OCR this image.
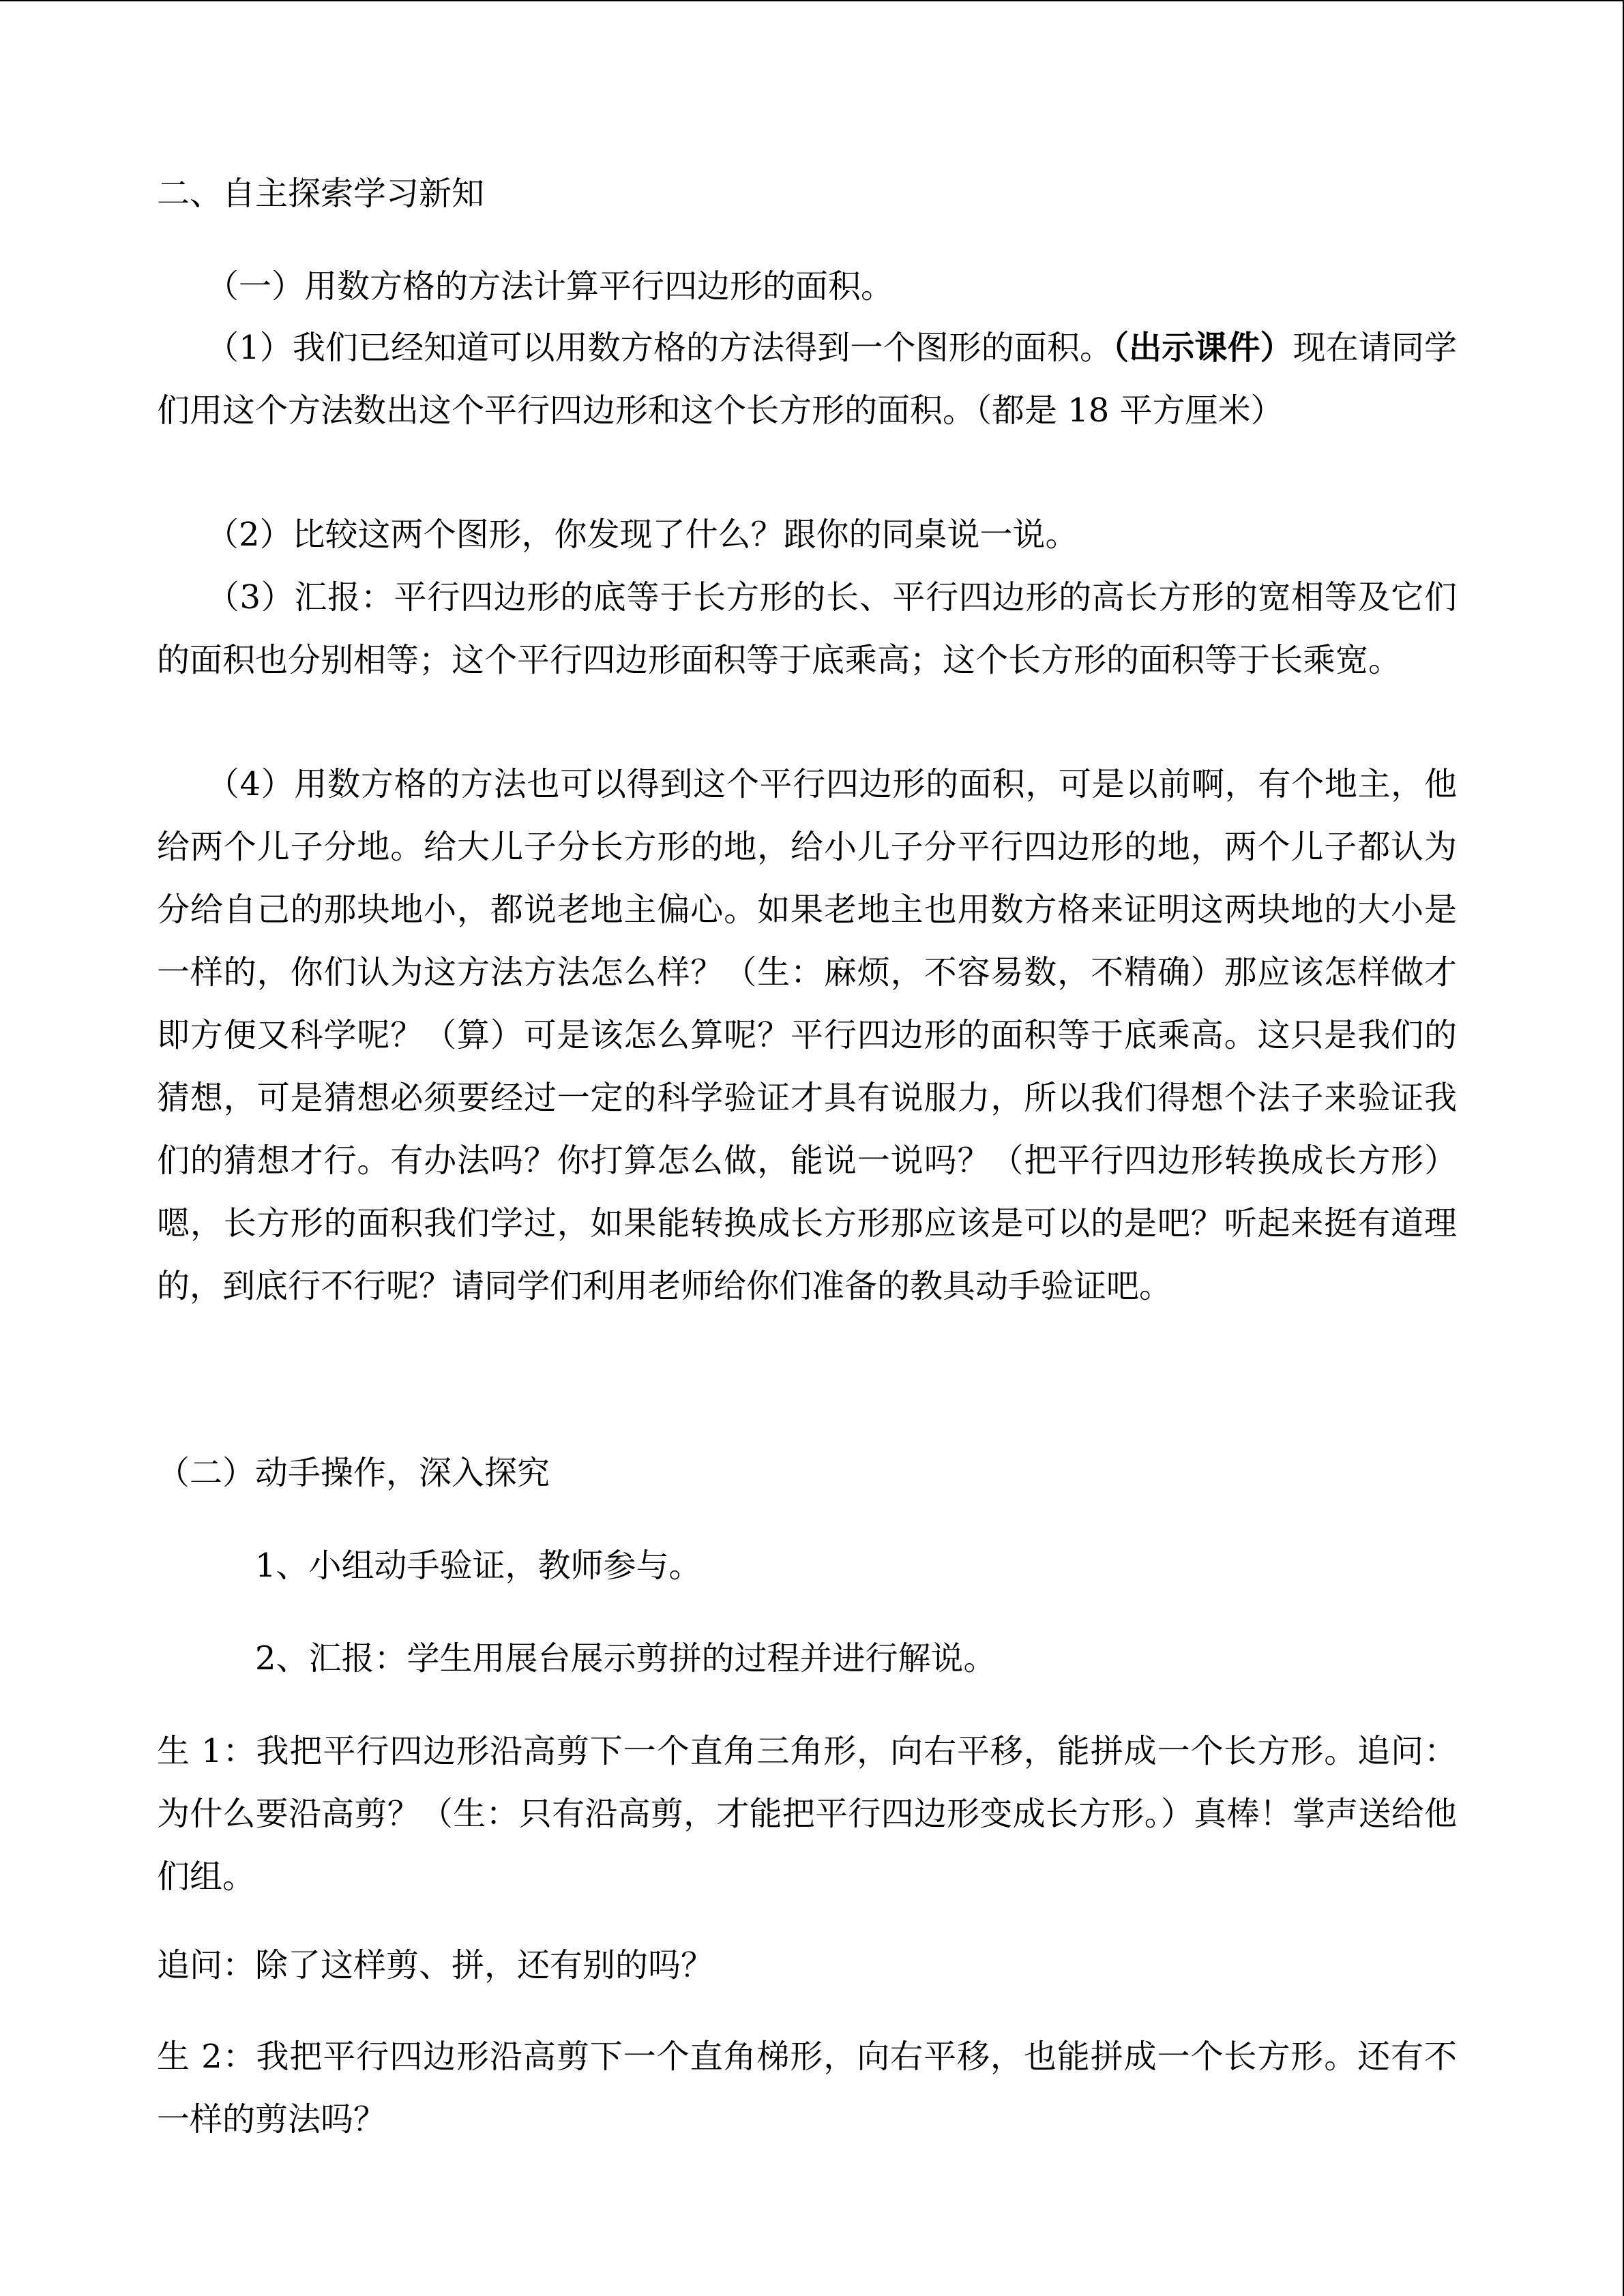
二、自主探索学习新知

（一）用数方格的方法计算平行四边形的面积。

（1）我们已经知道可以用数方格的方法得到一个图形的面积。（出示课件）现在请同学们用这个方法数出这个平行四边形和这个长方形的面积。（都是 18 平方厘米）

（2）比较这两个图形，你发现了什么？跟你的同桌说一说。

（3）汇报：平行四边形的底等于长方形的长、平行四边形的高长方形的宽相等及它们的面积也分别相等；这个平行四边形面积等于底乘高；这个长方形的面积等于长乘宽。

（4）用数方格的方法也可以得到这个平行四边形的面积，可是以前啊，有个地主，他给两个儿子分地。给大儿子分长方形的地，给小儿子分平行四边形的地，两个儿子都认为分给自己的那块地小，都说老地主偏心。如果老地主也用数方格来证明这两块地的大小是一样的，你们认为这方法方法怎么样？（生：麻烦，不容易数，不精确）那应该怎样做才即方便又科学呢？（算）可是该怎么算呢？平行四边形的面积等于底乘高。这只是我们的猜想，可是猜想必须要经过一定的科学验证才具有说服力，所以我们得想个法子来验证我们的猜想才行。有办法吗？你打算怎么做，能说一说吗？（把平行四边形转换成长方形）嗯，长方形的面积我们学过，如果能转换成长方形那应该是可以的是吧？听起来挺有道理的，到底行不行呢？请同学们利用老师给你们准备的教具动手验证吧。

（二）动手操作，深入探究

1、小组动手验证，教师参与。

2、汇报：学生用展台展示剪拼的过程并进行解说。

生 1：我把平行四边形沿高剪下一个直角三角形，向右平移，能拼成一个长方形。追问：为什么要沿高剪？（生：只有沿高剪，才能把平行四边形变成长方形。）真棒！掌声送给他们组。

追问：除了这样剪、拼，还有别的吗？

生 2：我把平行四边形沿高剪下一个直角梯形，向右平移，也能拼成一个长方形。还有不一样的剪法吗？
